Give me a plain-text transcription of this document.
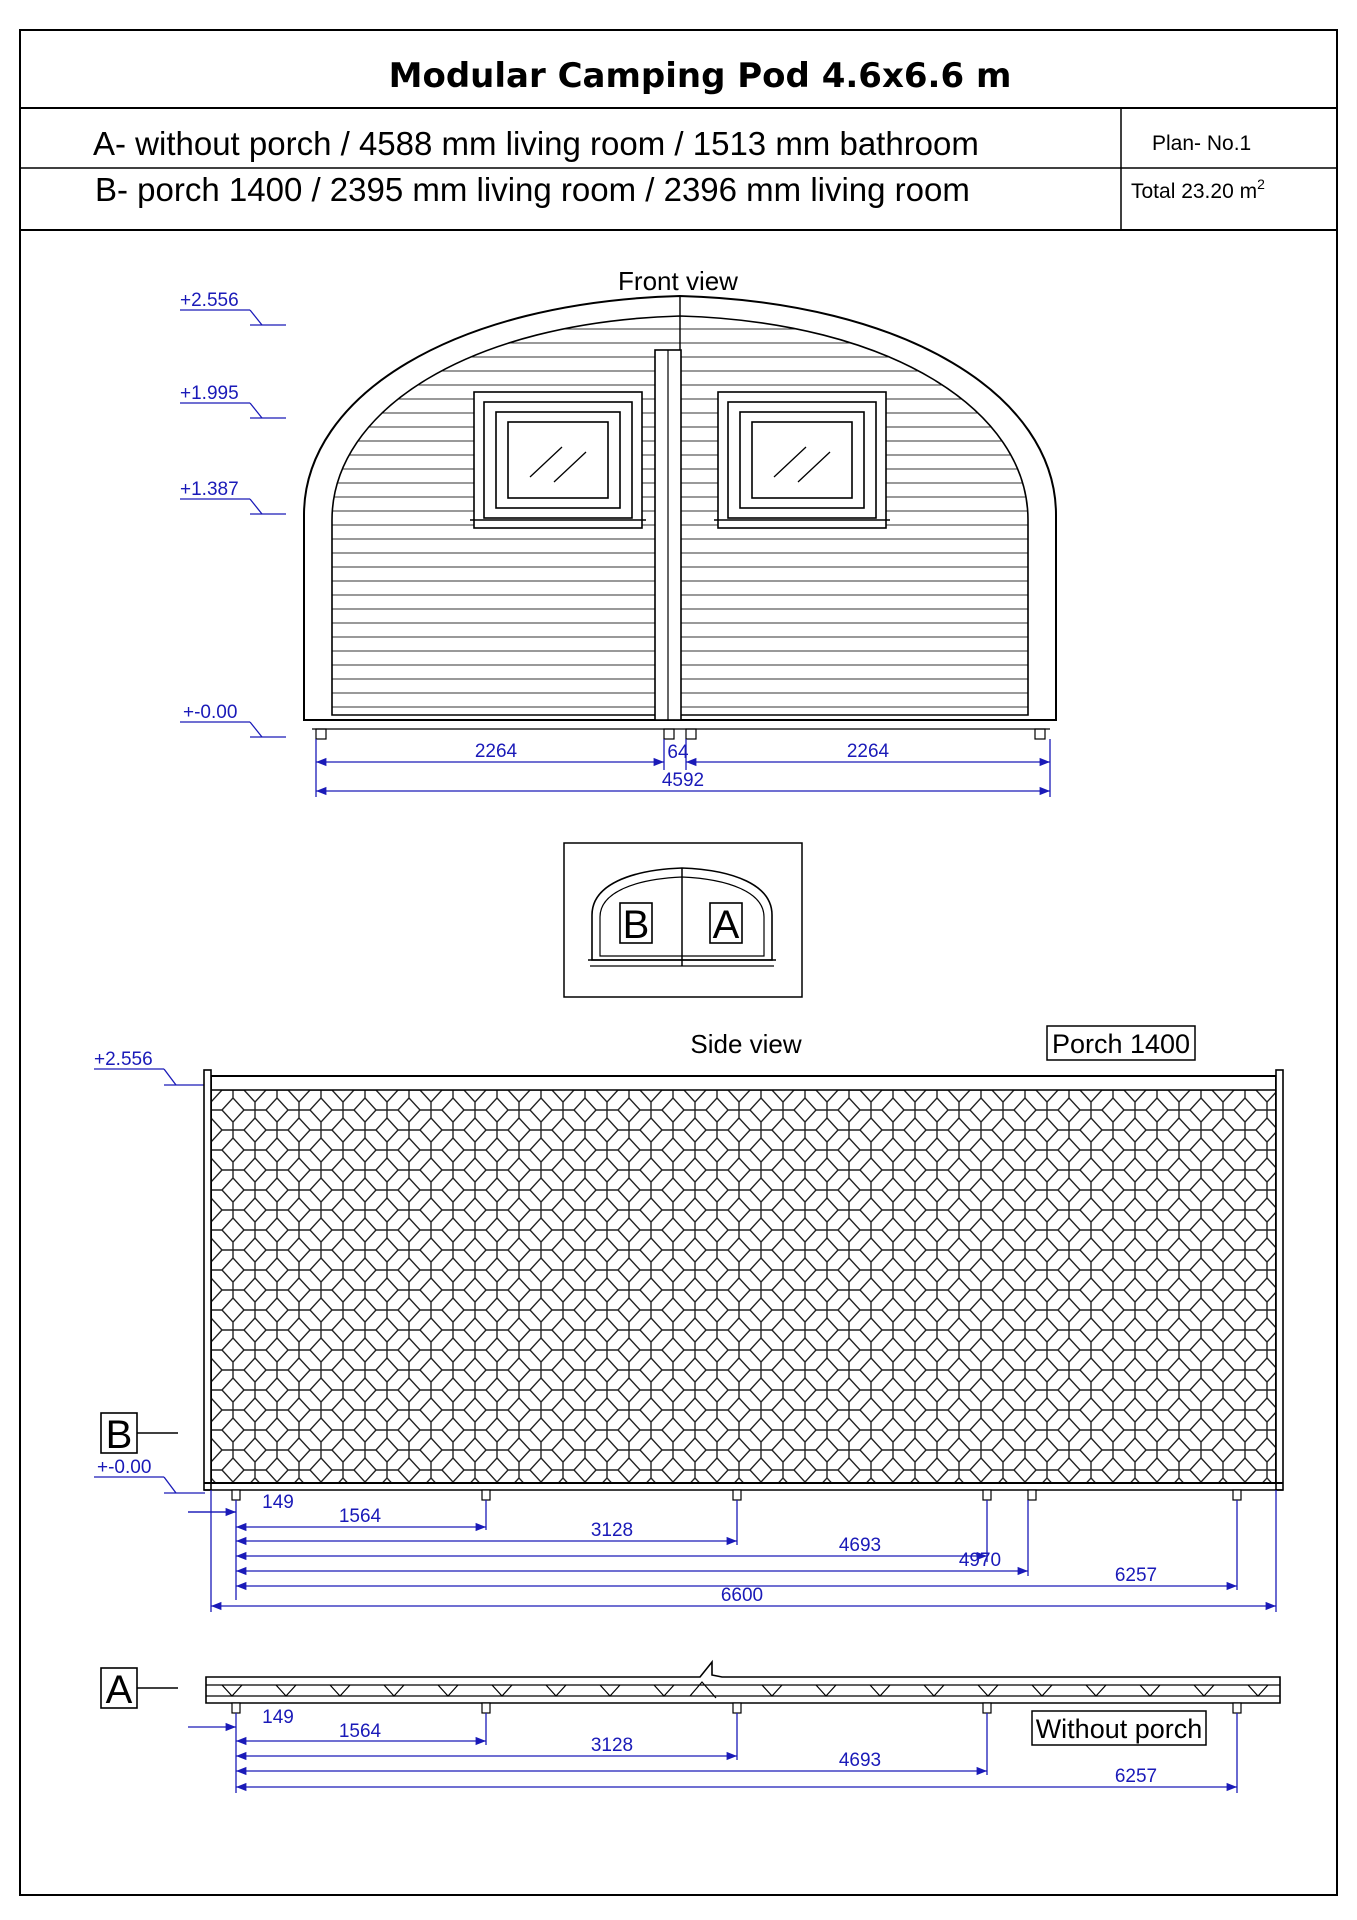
Modular Camping Pod 4.6x6.6 m
A- without porch / 4588 mm living room / 1513 mm bathroom
B- porch 1400 / 2395 mm living room / 2396 mm living room
Plan- No.1
Total 23.20 $m^2$
Front view
+2.556
+1.995
+1.387
+-0.00
2264	2264
64
4592
B A
Side view	Porch 1400
+2.556
+-0.00
B
149
1564
3128
4693
4970
6257
6600
A
Without porch
149
1564
3128
4693
6257
